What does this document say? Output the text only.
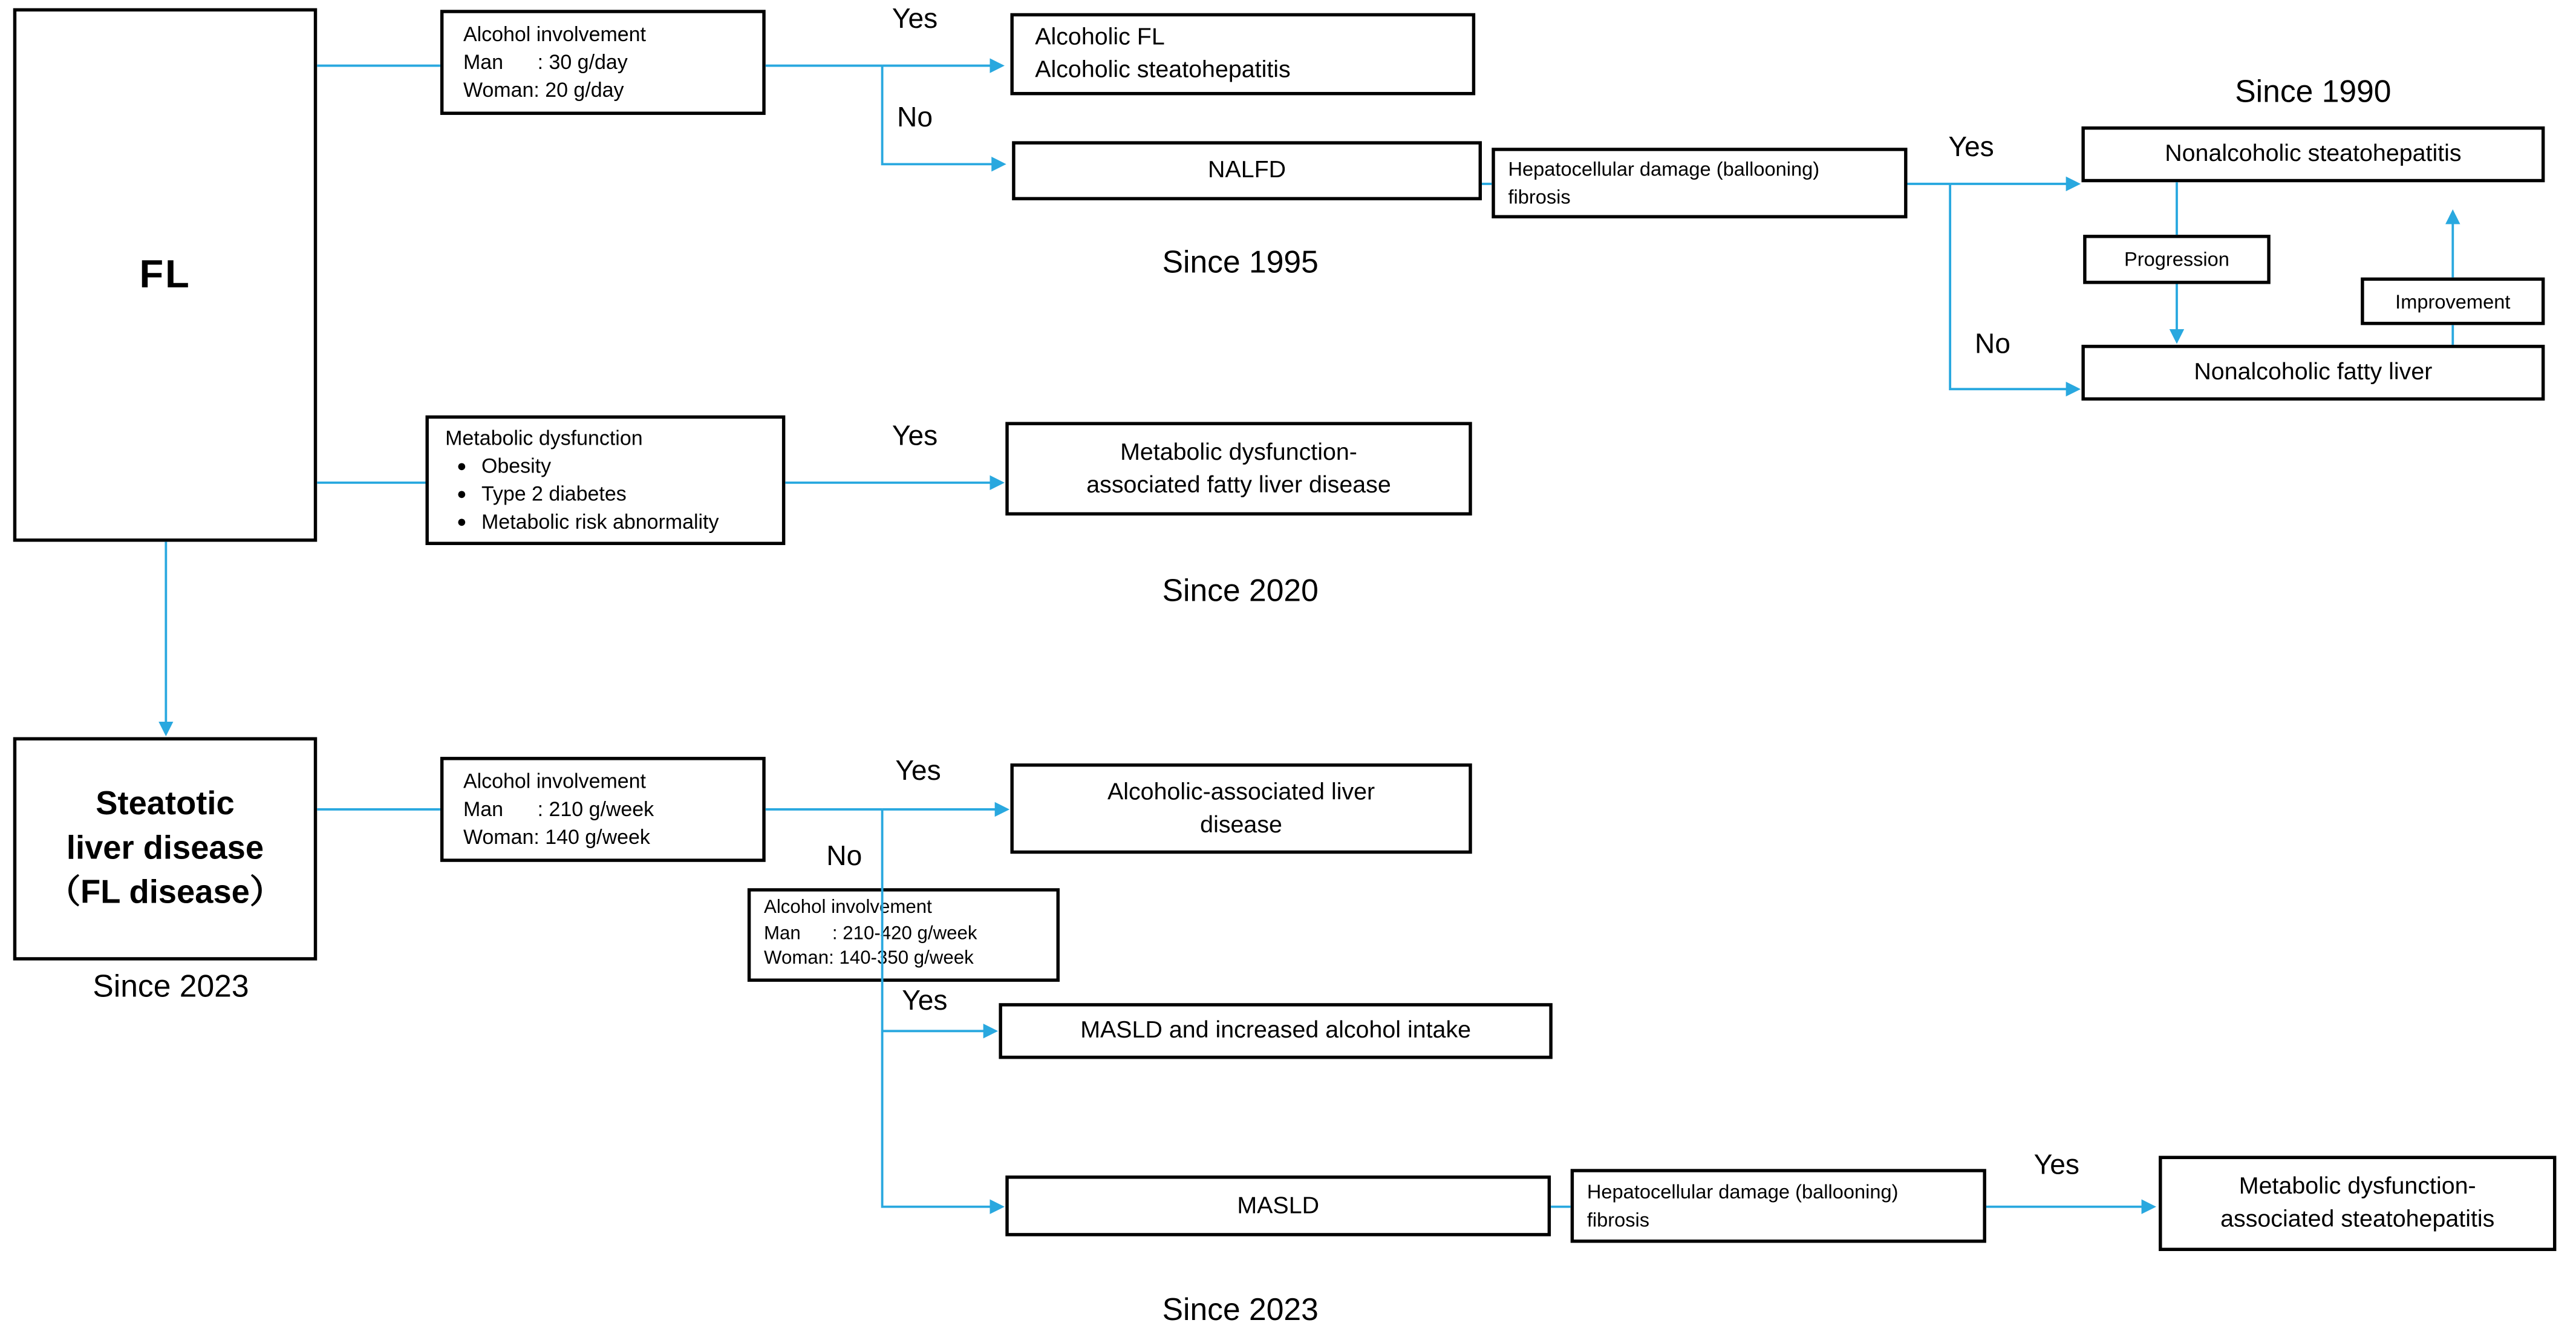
FL
Alcohol involvement
Man      : 30 g/day
Woman: 20 g/day
Alcoholic FL
Alcoholic steatohepatitis
NALFD	Hepatocellular damage (ballooning)
fibrosis
Nonalcoholic steatohepatitis
Progression
Improvement
Nonalcoholic fatty liver
Metabolic dysfunction
● Obesity
● Type 2 diabetes
● Metabolic risk abnormality
Metabolic dysfunction-
associated fatty liver disease
Steatotic
liver disease
（FL disease）
Alcohol involvement
Man      : 210 g/week
Woman: 140 g/week
Alcoholic-associated liver
disease
Alcohol involvement
Man      : 210-420 g/week
Woman: 140-350 g/week
MASLD and increased alcohol intake
MASLD
Hepatocellular damage (ballooning)
fibrosis
Metabolic dysfunction-
associated steatohepatitis
Yes
No
Yes
No
Yes
Yes
No
Yes
Yes
Since 1990
Since 1995
Since 2020
Since 2023
Since 2023
